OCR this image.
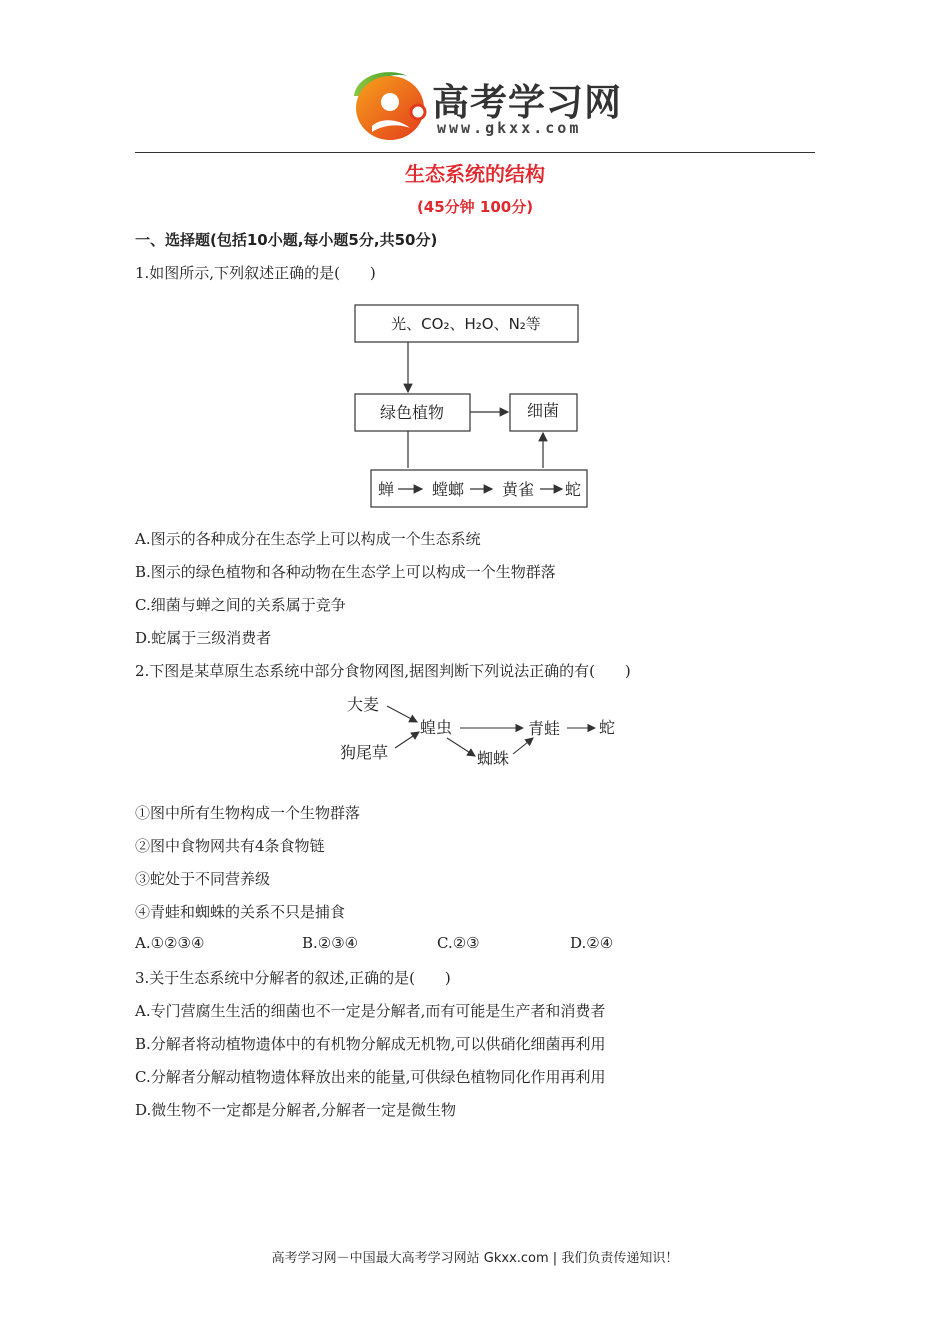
高考学习网
www.gkxx.com
生态系统的结构
(45分钟 100分)
一、选择题(包括10小题,每小题5分,共50分)
1.如图所示,下列叙述正确的是(　　)
光、CO₂、H₂O、N₂等
绿色植物	细菌
蝉 螳螂 黄雀 蛇
A.图示的各种成分在生态学上可以构成一个生态系统
B.图示的绿色植物和各种动物在生态学上可以构成一个生物群落
C.细菌与蝉之间的关系属于竞争
D.蛇属于三级消费者
2.下图是某草原生态系统中部分食物网图,据图判断下列说法正确的有(　　)
大麦
狗尾草
蝗虫	青蛙
蜘蛛
蛇
①图中所有生物构成一个生物群落
②图中食物网共有4条食物链
③蛇处于不同营养级
④青蛙和蜘蛛的关系不只是捕食
A.①②③④	B.②③④	C.②③	D.②④
3.关于生态系统中分解者的叙述,正确的是(　　)
A.专门营腐生生活的细菌也不一定是分解者,而有可能是生产者和消费者
B.分解者将动植物遗体中的有机物分解成无机物,可以供硝化细菌再利用
C.分解者分解动植物遗体释放出来的能量,可供绿色植物同化作用再利用
D.微生物不一定都是分解者,分解者一定是微生物
高考学习网－中国最大高考学习网站 Gkxx.com | 我们负责传递知识！
